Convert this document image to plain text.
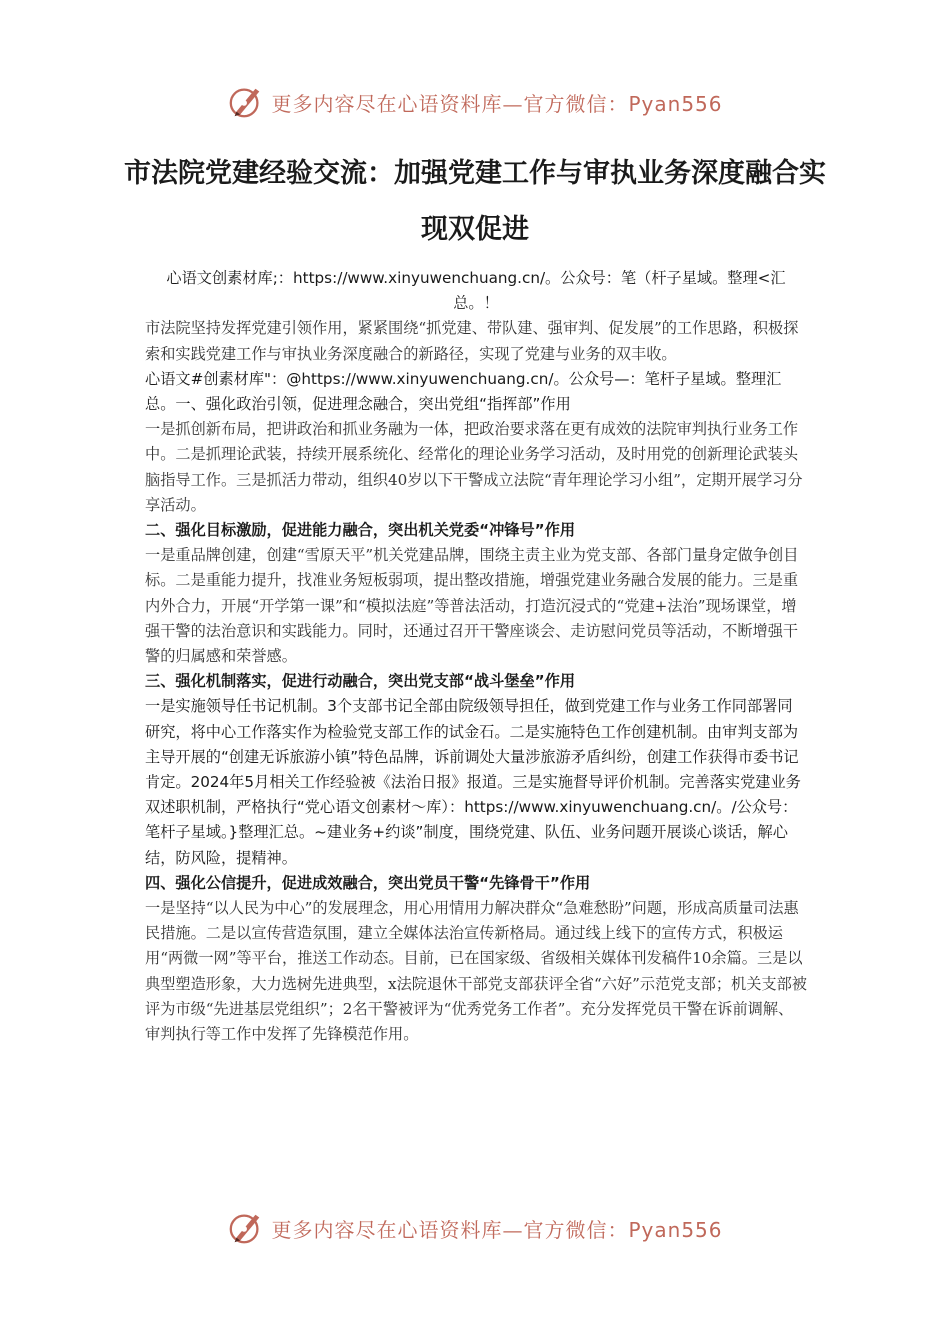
更多内容尽在心语资料库—官方微信：Pyan556
市法院党建经验交流：加强党建工作与审执业务深度融合实现双促进

心语文创素材库;：https://www.xinyuwenchuang.cn/。公众号：笔（杆子星域。整理<汇总。！

市法院坚持发挥党建引领作用，紧紧围绕“抓党建、带队建、强审判、促发展”的工作思路，积极探索和实践党建工作与审执业务深度融合的新路径，实现了党建与业务的双丰收。

心语文#创素材库"：@https://www.xinyuwenchuang.cn/。公众号—：笔杆子星域。整理汇总。一、强化政治引领，促进理念融合，突出党组“指挥部”作用

一是抓创新布局，把讲政治和抓业务融为一体，把政治要求落在更有成效的法院审判执行业务工作中。二是抓理论武装，持续开展系统化、经常化的理论业务学习活动，及时用党的创新理论武装头脑指导工作。三是抓活力带动，组织40岁以下干警成立法院“青年理论学习小组”，定期开展学习分享活动。

二、强化目标激励，促进能力融合，突出机关党委“冲锋号”作用

一是重品牌创建，创建“雪原天平”机关党建品牌，围绕主责主业为党支部、各部门量身定做争创目标。二是重能力提升，找准业务短板弱项，提出整改措施，增强党建业务融合发展的能力。三是重内外合力，开展“开学第一课”和“模拟法庭”等普法活动，打造沉浸式的“党建+法治”现场课堂，增强干警的法治意识和实践能力。同时，还通过召开干警座谈会、走访慰问党员等活动，不断增强干警的归属感和荣誉感。

三、强化机制落实，促进行动融合，突出党支部“战斗堡垒”作用

一是实施领导任书记机制。3个支部书记全部由院级领导担任，做到党建工作与业务工作同部署同研究，将中心工作落实作为检验党支部工作的试金石。二是实施特色工作创建机制。由审判支部为主导开展的“创建无诉旅游小镇”特色品牌，诉前调处大量涉旅游矛盾纠纷，创建工作获得市委书记肯定。2024年5月相关工作经验被《法治日报》报道。三是实施督导评价机制。完善落实党建业务双述职机制，严格执行“党心语文创素材～库）：https://www.xinyuwenchuang.cn/。/公众号：笔杆子星域。}整理汇总。~建业务+约谈”制度，围绕党建、队伍、业务问题开展谈心谈话，解心结，防风险，提精神。

四、强化公信提升，促进成效融合，突出党员干警“先锋骨干”作用

一是坚持“以人民为中心”的发展理念，用心用情用力解决群众“急难愁盼”问题，形成高质量司法惠民措施。二是以宣传营造氛围，建立全媒体法治宣传新格局。通过线上线下的宣传方式，积极运用“两微一网”等平台，推送工作动态。目前，已在国家级、省级相关媒体刊发稿件10余篇。三是以典型塑造形象，大力选树先进典型，x法院退休干部党支部获评全省“六好”示范党支部；机关支部被评为市级“先进基层党组织”；2名干警被评为“优秀党务工作者”。充分发挥党员干警在诉前调解、审判执行等工作中发挥了先锋模范作用。

更多内容尽在心语资料库—官方微信：Pyan556
